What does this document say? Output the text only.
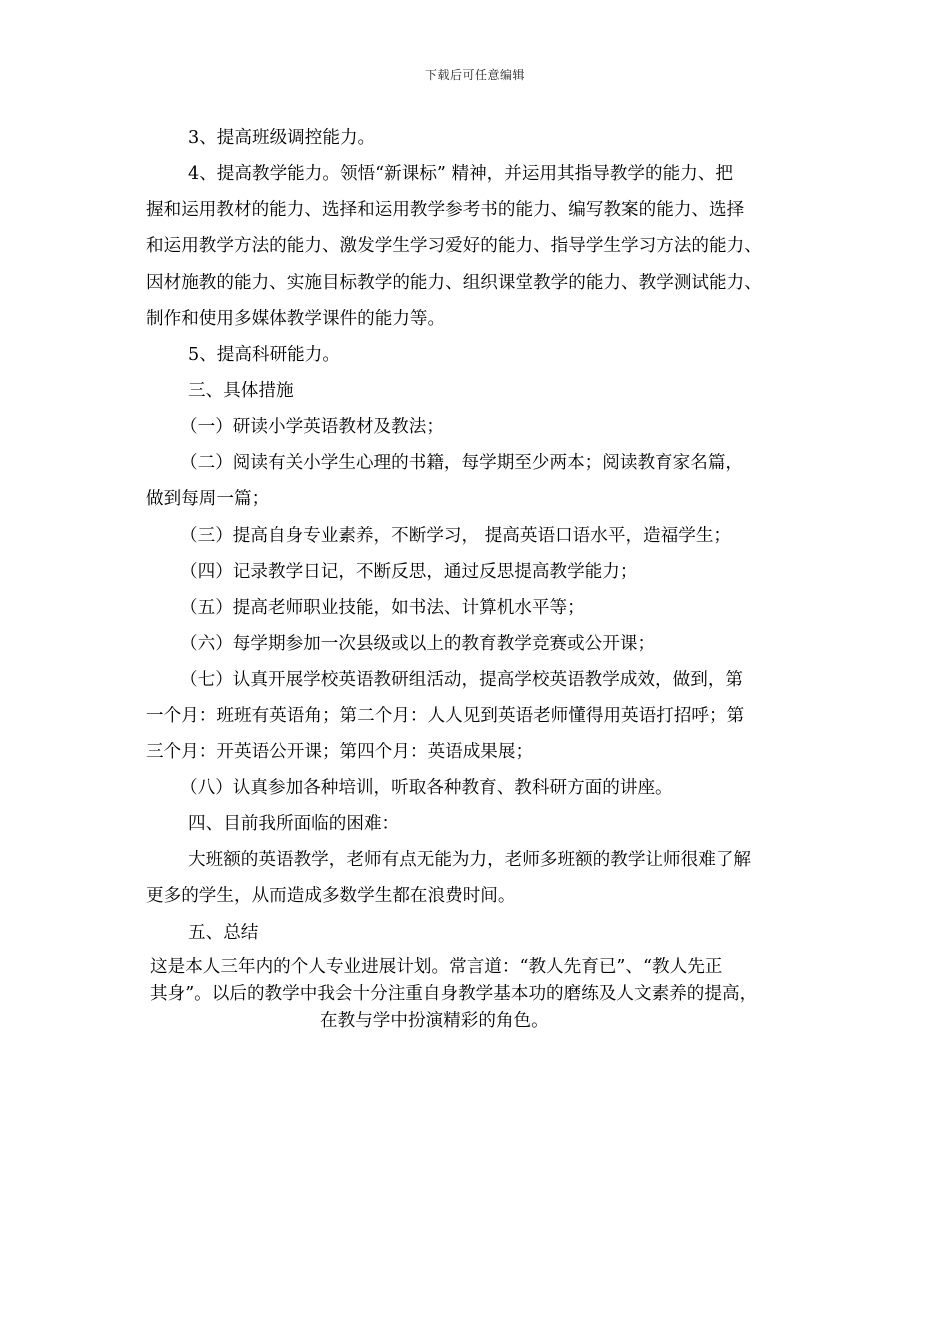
下载后可任意编辑
3、提高班级调控能力。
4、提高教学能力。领悟“新课标” 精神，并运用其指导教学的能力、把
握和运用教材的能力、选择和运用教学参考书的能力、编写教案的能力、选择
和运用教学方法的能力、激发学生学习爱好的能力、指导学生学习方法的能力、
因材施教的能力、实施目标教学的能力、组织课堂教学的能力、教学测试能力、
制作和使用多媒体教学课件的能力等。
5、提高科研能力。
三、具体措施
（一）研读小学英语教材及教法；
（二）阅读有关小学生心理的书籍，每学期至少两本；阅读教育家名篇，
做到每周一篇；
（三）提高自身专业素养，不断学习， 提高英语口语水平，造福学生；
（四）记录教学日记，不断反思，通过反思提高教学能力；
（五）提高老师职业技能，如书法、计算机水平等；
（六）每学期参加一次县级或以上的教育教学竞赛或公开课；
（七）认真开展学校英语教研组活动，提高学校英语教学成效，做到，第
一个月：班班有英语角；第二个月：人人见到英语老师懂得用英语打招呼；第
三个月：开英语公开课；第四个月：英语成果展；
（八）认真参加各种培训，听取各种教育、教科研方面的讲座。
四、目前我所面临的困难：
大班额的英语教学，老师有点无能为力，老师多班额的教学让师很难了解
更多的学生，从而造成多数学生都在浪费时间。
五、总结
这是本人三年内的个人专业进展计划。常言道：“教人先育已”、“教人先正
其身”。以后的教学中我会十分注重自身教学基本功的磨练及人文素养的提高，
在教与学中扮演精彩的角色。
